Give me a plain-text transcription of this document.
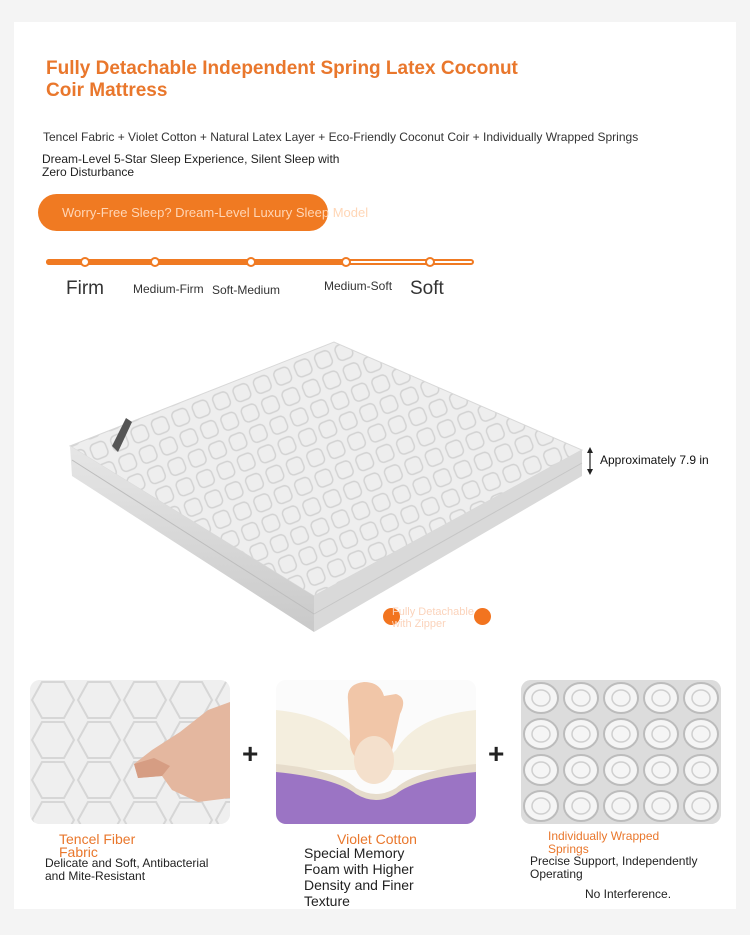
Fully Detachable Independent Spring Latex Coconut Coir Mattress
Tencel Fabric + Violet Cotton + Natural Latex Layer + Eco-Friendly Coconut Coir + Individually Wrapped Springs
Dream-Level 5-Star Sleep Experience, Silent Sleep with Zero Disturbance
Worry-Free Sleep? Dream-Level Luxury Sleep Model
Firm Medium-Firm Soft-Medium	Medium-Soft Soft
Approximately 7.9 in
Fully Detachable with Zipper
+	+
Tencel Fiber Fabric
Delicate and Soft, Antibacterial and Mite-Resistant
Violet Cotton
Special Memory Foam with Higher Density and Finer Texture
Individually Wrapped Springs
Precise Support, Independently Operating
No Interference.
